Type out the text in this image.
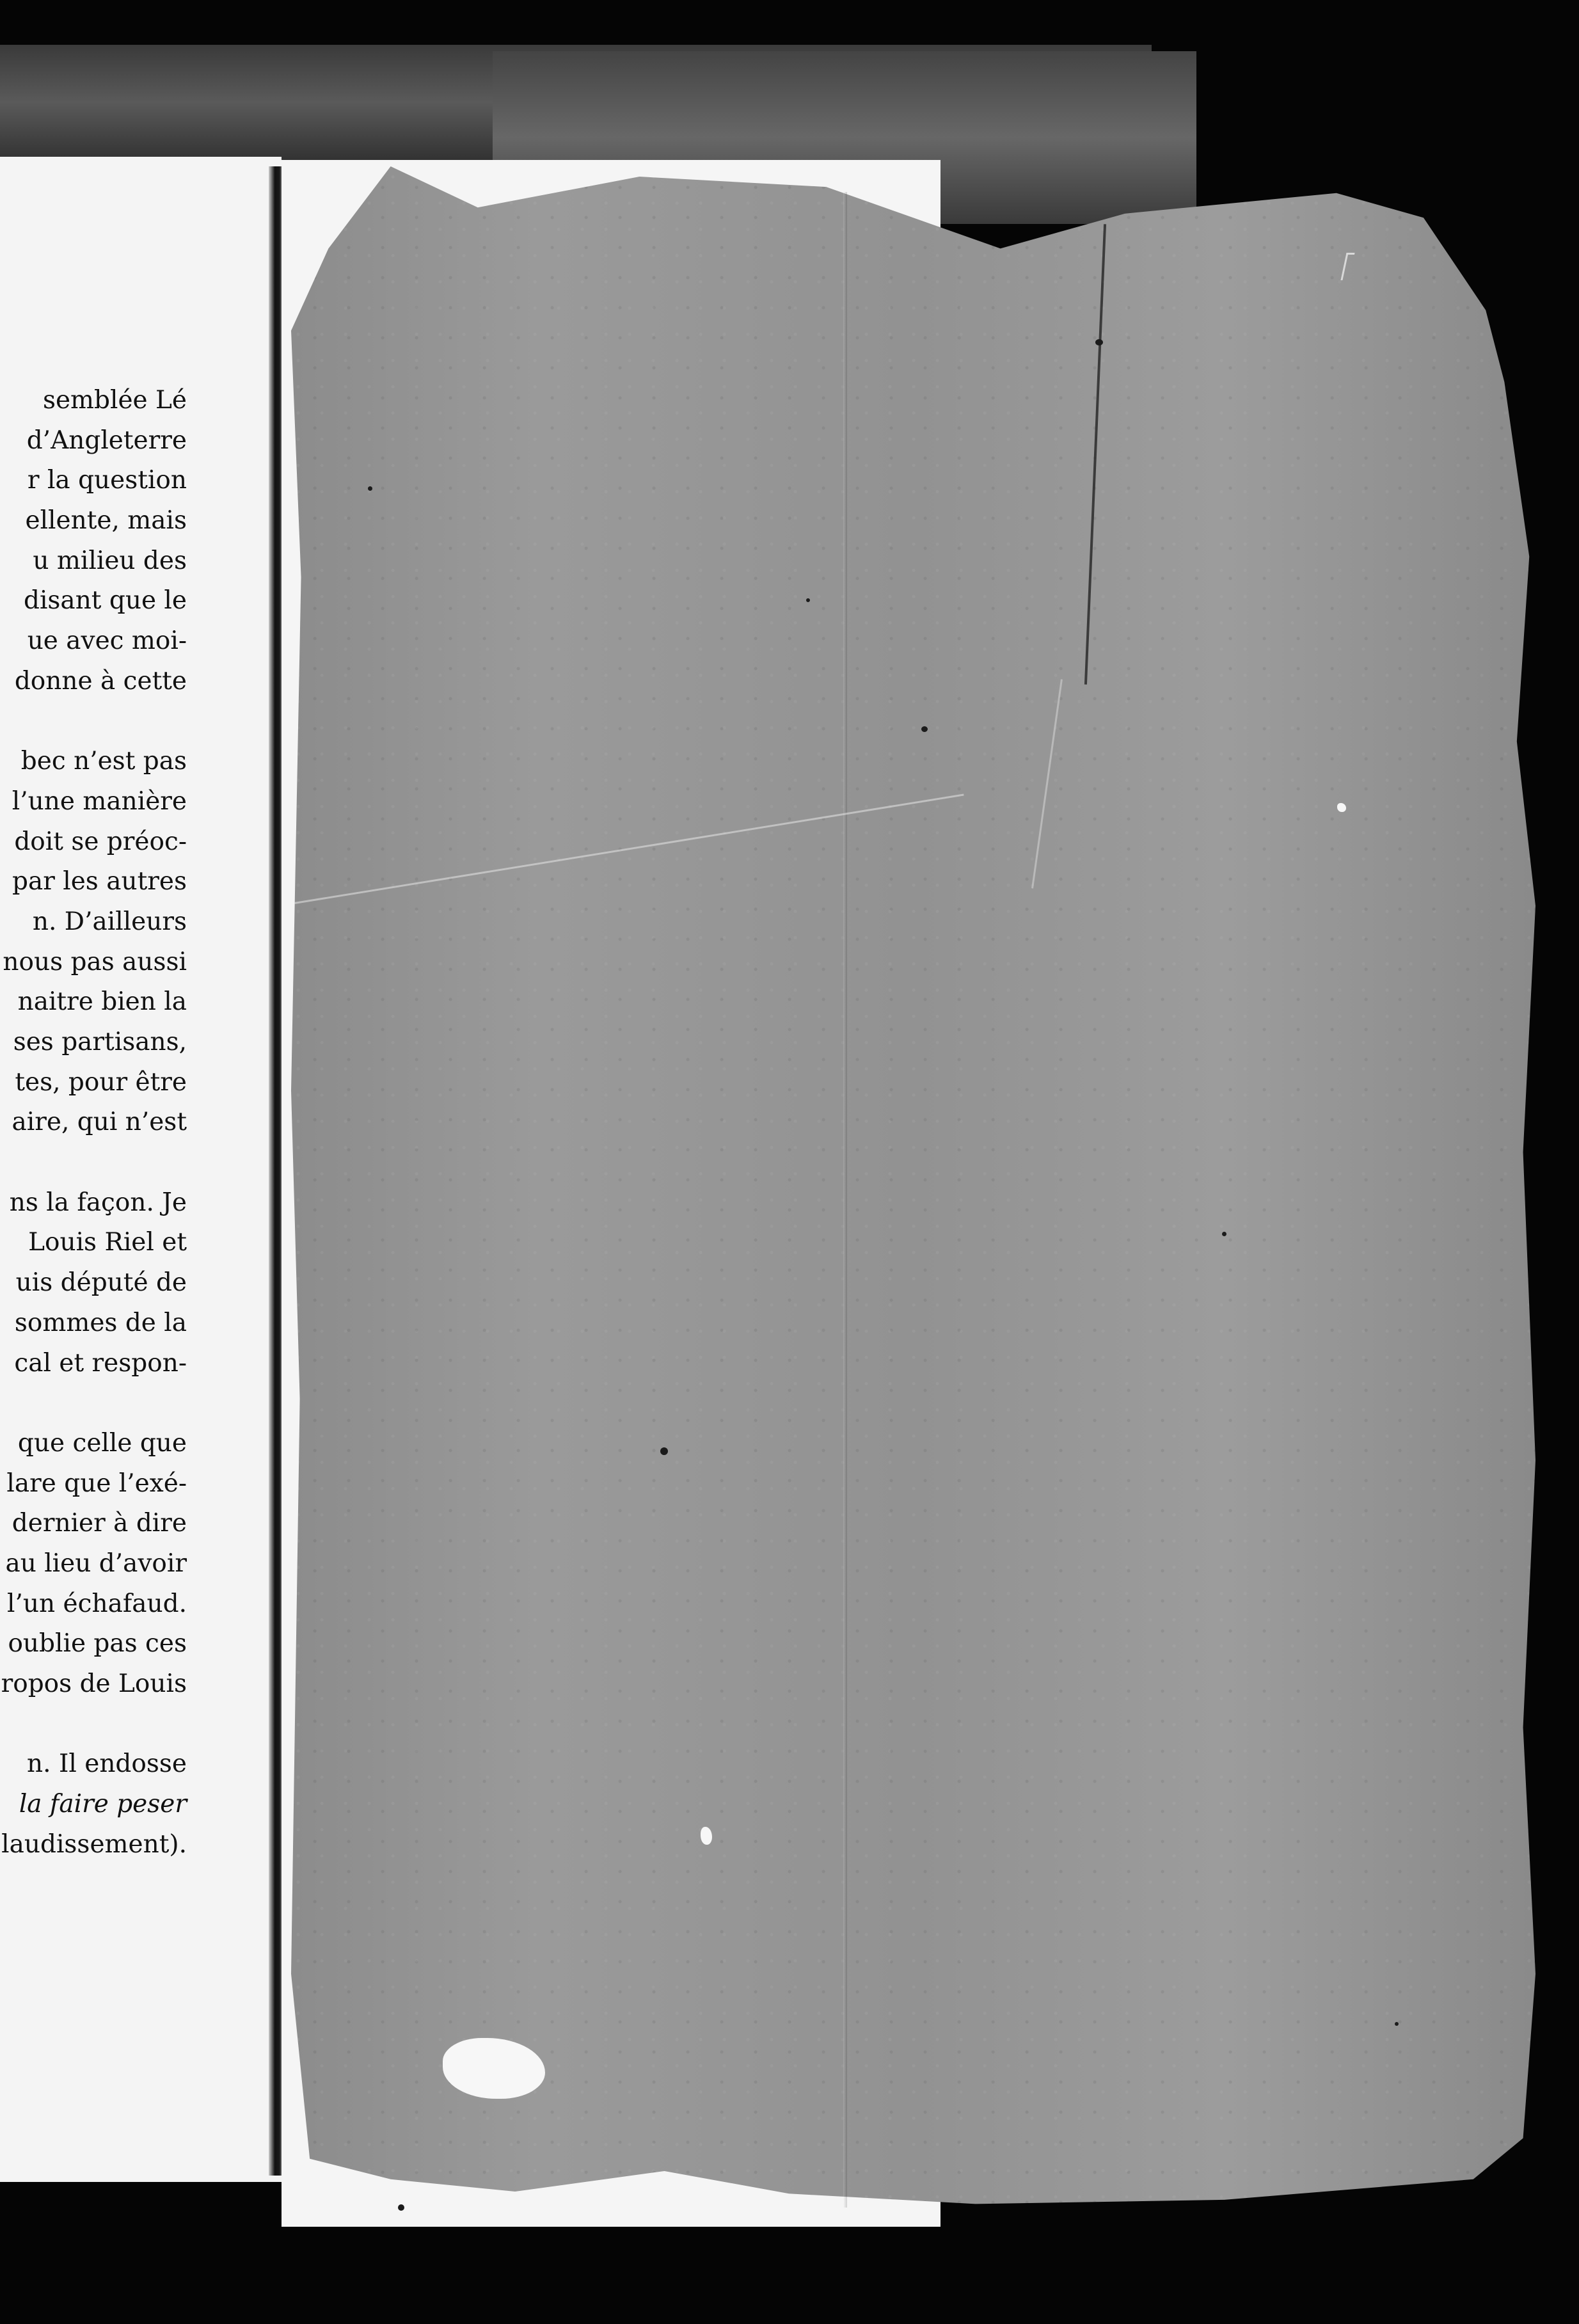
semblée Lé
d’Angleterre
r la question
ellente, mais
u milieu des
disant que le
ue avec moi-
donne à cette
bec n’est pas
l’une manière
doit se préoc-
par les autres
n. D’ailleurs
nous pas aussi
naitre bien la
ses partisans,
tes, pour être
aire, qui n’est
ns la façon. Je
Louis Riel et
uis député de
sommes de la
cal et respon-
que celle que
lare que l’exé-
dernier à dire
au lieu d’avoir
l’un échafaud.
oublie pas ces
ropos de Louis
n. Il endosse
la faire peser
laudissement).
